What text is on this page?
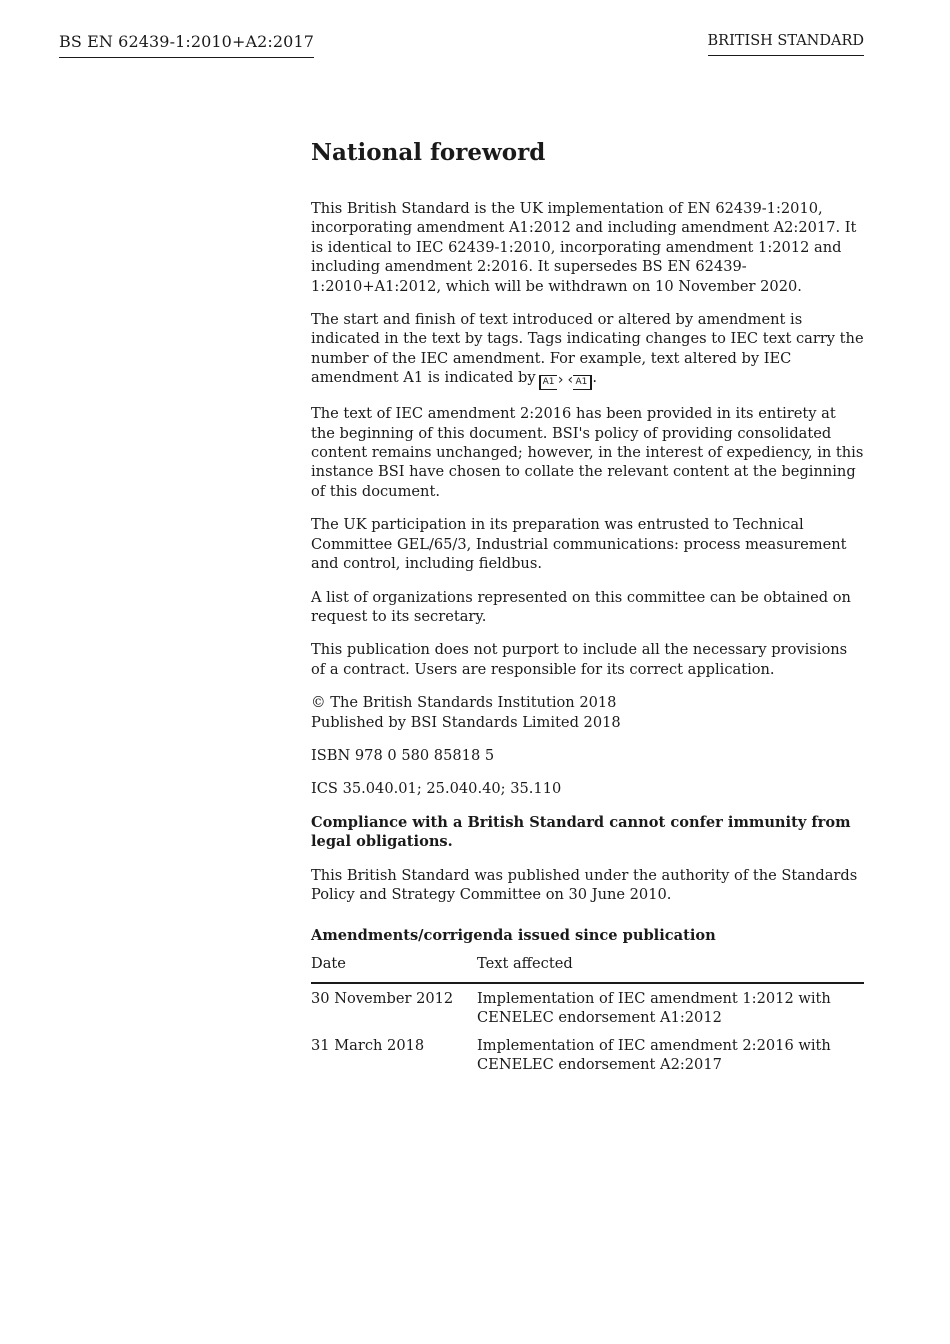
BS EN 62439-1:2010+A2:2017	BRITISH STANDARD
National foreword

This British Standard is the UK implementation of EN 62439-1:2010, incorporating amendment A1:2012 and including amendment A2:2017. It is identical to IEC 62439-1:2010, incorporating amendment 1:2012 and including amendment 2:2016. It supersedes BS EN 62439-1:2010+A1:2012, which will be withdrawn on 10 November 2020.

The start and finish of text introduced or altered by amendment is indicated in the text by tags. Tags indicating changes to IEC text carry the number of the IEC amendment. For example, text altered by IEC amendment A1 is indicated by A1 › ‹ A1 .

The text of IEC amendment 2:2016 has been provided in its entirety at the beginning of this document. BSI's policy of providing consolidated content remains unchanged; however, in the interest of expediency, in this instance BSI have chosen to collate the relevant content at the beginning of this document.

The UK participation in its preparation was entrusted to Technical Committee GEL/65/3, Industrial communications: process measurement and control, including fieldbus.

A list of organizations represented on this committee can be obtained on request to its secretary.

This publication does not purport to include all the necessary provisions of a contract. Users are responsible for its correct application.

© The British Standards Institution 2018
Published by BSI Standards Limited 2018

ISBN 978 0 580 85818 5

ICS 35.040.01; 25.040.40; 35.110

Compliance with a British Standard cannot confer immunity from legal obligations.

This British Standard was published under the authority of the Standards Policy and Strategy Committee on 30 June 2010.

Amendments/corrigenda issued since publication
Date	Text affected
30 November 2012	Implementation of IEC amendment 1:2012 with
CENELEC endorsement A1:2012
31 March 2018	Implementation of IEC amendment 2:2016 with
CENELEC endorsement A2:2017
